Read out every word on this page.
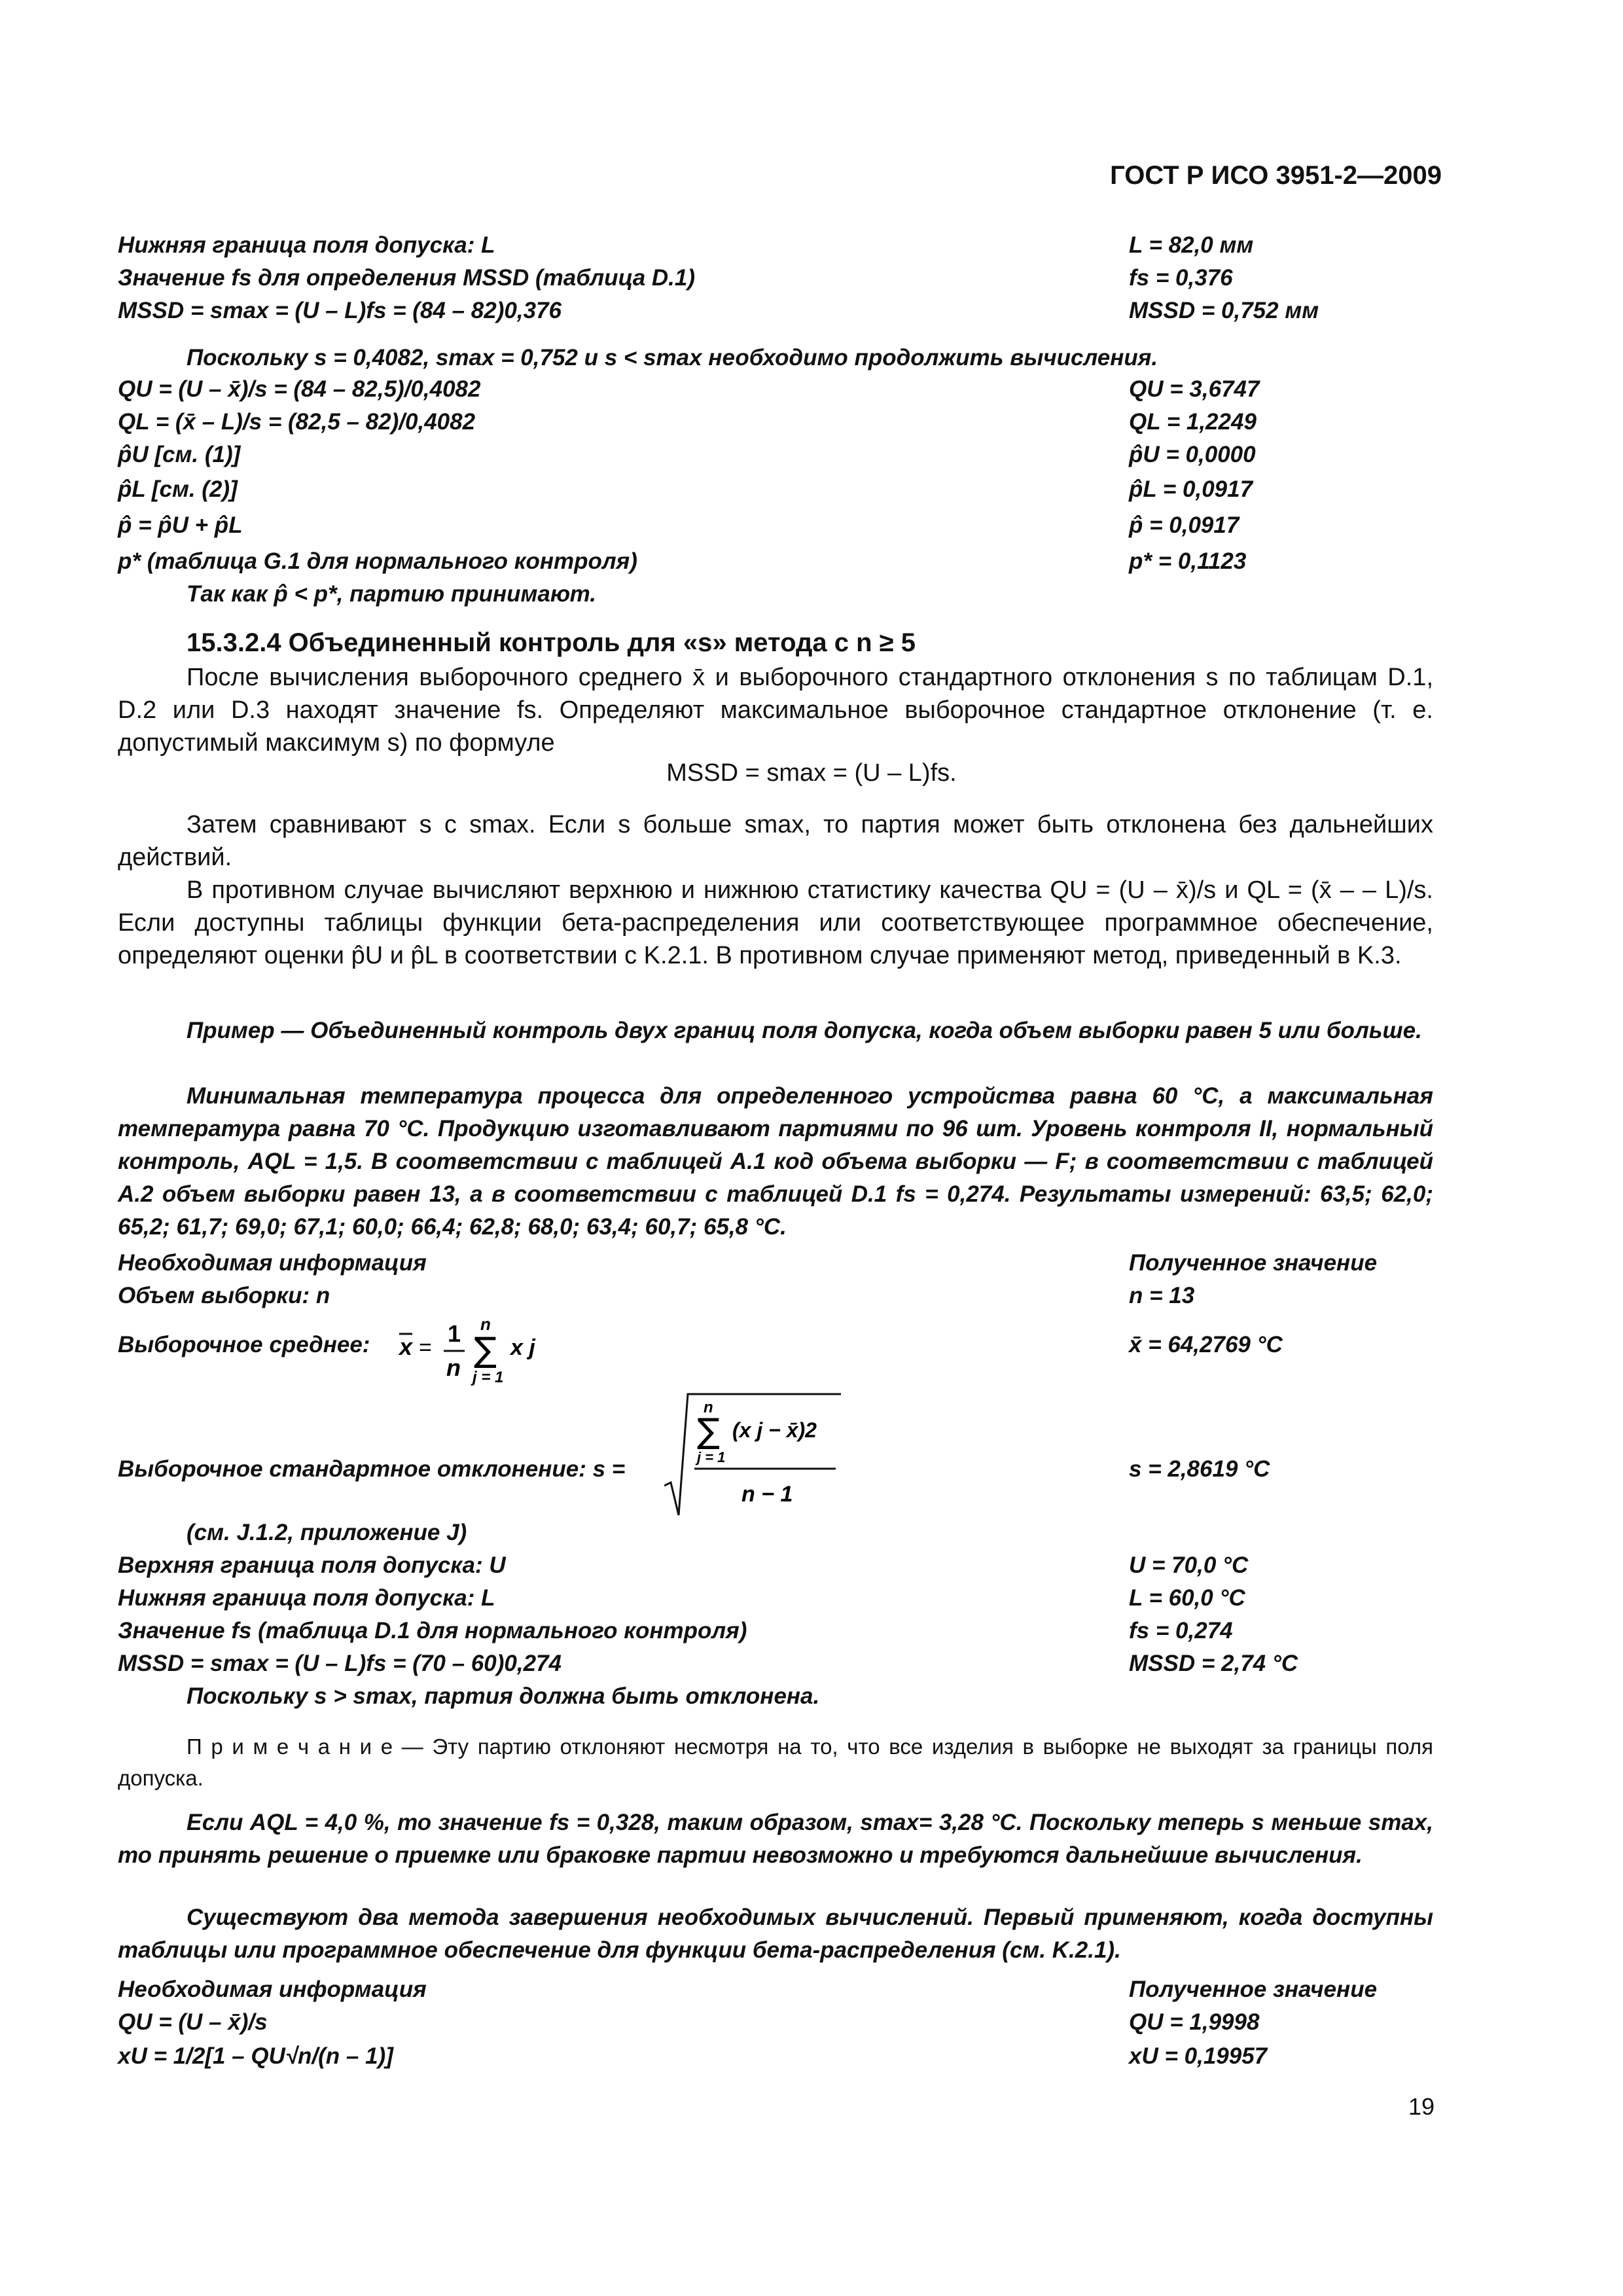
ГОСТ Р ИСО 3951-2—2009
Нижняя граница поля допуска: L	L = 82,0 мм
Значение fs для определения MSSD (таблица D.1)	fs = 0,376
MSSD = smax = (U – L)fs = (84 – 82)0,376	MSSD = 0,752 мм
Поскольку s = 0,4082, smax = 0,752 и s < smax необходимо продолжить вычисления.
QU = (U – x̄)/s = (84 – 82,5)/0,4082	QU = 3,6747
QL = (x̄ – L)/s = (82,5 – 82)/0,4082	QL = 1,2249
p̂U [см. (1)]	p̂U = 0,0000
p̂L [см. (2)]	p̂L = 0,0917
p̂ = p̂U + p̂L	p̂ = 0,0917
p* (таблица G.1 для нормального контроля)	p* = 0,1123
Так как p̂ < p*, партию принимают.
15.3.2.4 Объединенный контроль для «s» метода с n ≥ 5
После вычисления выборочного среднего x̄ и выборочного стандартного отклонения s по таблицам D.1, D.2 или D.3 находят значение fs. Определяют максимальное выборочное стандартное отклонение (т. е. допустимый максимум s) по формуле
MSSD = smax = (U – L)fs.
Затем сравнивают s с smax. Если s больше smax, то партия может быть отклонена без дальнейших действий.
В противном случае вычисляют верхнюю и нижнюю статистику качества QU = (U – x̄)/s и QL = (x̄ – – L)/s. Если доступны таблицы функции бета-распределения или соответствующее программное обеспечение, определяют оценки p̂U и p̂L в соответствии с K.2.1. В противном случае применяют метод, приведенный в K.3.
Пример — Объединенный контроль двух границ поля допуска, когда объем выборки равен 5 или больше.
Минимальная температура процесса для определенного устройства равна 60 °C, а максимальная температура равна 70 °C. Продукцию изготавливают партиями по 96 шт. Уровень контроля II, нормальный контроль, AQL = 1,5. В соответствии с таблицей A.1 код объема выборки — F; в соответствии с таблицей A.2 объем выборки равен 13, а в соответствии с таблицей D.1 fs = 0,274. Результаты измерений: 63,5; 62,0; 65,2; 61,7; 69,0; 67,1; 60,0; 66,4; 62,8; 68,0; 63,4; 60,7; 65,8 °C.
Необходимая информация	Полученное значение
Объем выборки: n	n = 13
Выборочное среднее:	x̄ = 64,2769 °C
x =
1
n
n
∑
j = 1
x j
Выборочное стандартное отклонение: s =	s = 2,8619 °C
n
∑
j = 1
(x j − x̄)2
n − 1
(см. J.1.2, приложение J)
Верхняя граница поля допуска: U	U = 70,0 °C
Нижняя граница поля допуска: L	L = 60,0 °C
Значение fs (таблица D.1 для нормального контроля)	fs = 0,274
MSSD = smax = (U – L)fs = (70 – 60)0,274	MSSD = 2,74 °C
Поскольку s > smax, партия должна быть отклонена.
П р и м е ч а н и е — Эту партию отклоняют несмотря на то, что все изделия в выборке не выходят за границы поля допуска.
Если AQL = 4,0 %, то значение fs = 0,328, таким образом, smax= 3,28 °C. Поскольку теперь s меньше smax, то принять решение о приемке или браковке партии невозможно и требуются дальнейшие вычисления.
Существуют два метода завершения необходимых вычислений. Первый применяют, когда доступны таблицы или программное обеспечение для функции бета-распределения (см. K.2.1).
Необходимая информация	Полученное значение
QU = (U – x̄)/s	QU = 1,9998
xU = 1/2[1 – QU√n/(n – 1)]	xU = 0,19957
19
